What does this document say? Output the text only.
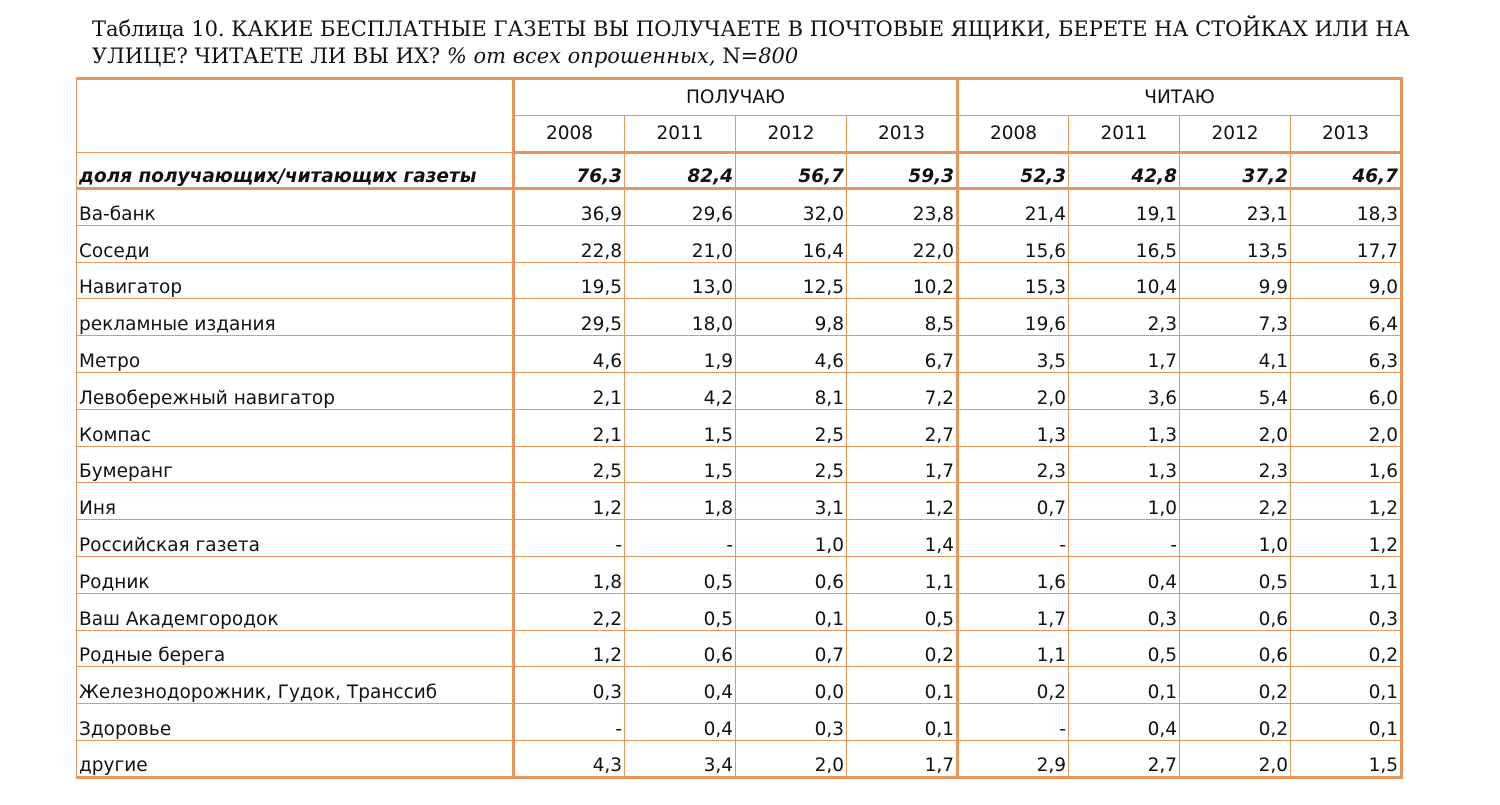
Таблица 10. КАКИЕ БЕСПЛАТНЫЕ ГАЗЕТЫ ВЫ ПОЛУЧАЕТЕ В ПОЧТОВЫЕ ЯЩИКИ, БЕРЕТЕ НА СТОЙКАХ ИЛИ НА УЛИЦЕ? ЧИТАЕТЕ ЛИ ВЫ ИХ? % от всех опрошенных, N=800
	ПОЛУЧАЮ				ЧИТАЮ			
	2008	2011	2012	2013	2008	2011	2012	2013
доля получающих/читающих газеты	76,3	82,4	56,7	59,3	52,3	42,8	37,2	46,7
Ва-банк	36,9	29,6	32,0	23,8	21,4	19,1	23,1	18,3
Соседи	22,8	21,0	16,4	22,0	15,6	16,5	13,5	17,7
Навигатор	19,5	13,0	12,5	10,2	15,3	10,4	9,9	9,0
рекламные издания	29,5	18,0	9,8	8,5	19,6	2,3	7,3	6,4
Метро	4,6	1,9	4,6	6,7	3,5	1,7	4,1	6,3
Левобережный навигатор	2,1	4,2	8,1	7,2	2,0	3,6	5,4	6,0
Компас	2,1	1,5	2,5	2,7	1,3	1,3	2,0	2,0
Бумеранг	2,5	1,5	2,5	1,7	2,3	1,3	2,3	1,6
Иня	1,2	1,8	3,1	1,2	0,7	1,0	2,2	1,2
Российская газета	-	-	1,0	1,4	-	-	1,0	1,2
Родник	1,8	0,5	0,6	1,1	1,6	0,4	0,5	1,1
Ваш Академгородок	2,2	0,5	0,1	0,5	1,7	0,3	0,6	0,3
Родные берега	1,2	0,6	0,7	0,2	1,1	0,5	0,6	0,2
Железнодорожник, Гудок, Транссиб	0,3	0,4	0,0	0,1	0,2	0,1	0,2	0,1
Здоровье	-	0,4	0,3	0,1	-	0,4	0,2	0,1
другие	4,3	3,4	2,0	1,7	2,9	2,7	2,0	1,5
